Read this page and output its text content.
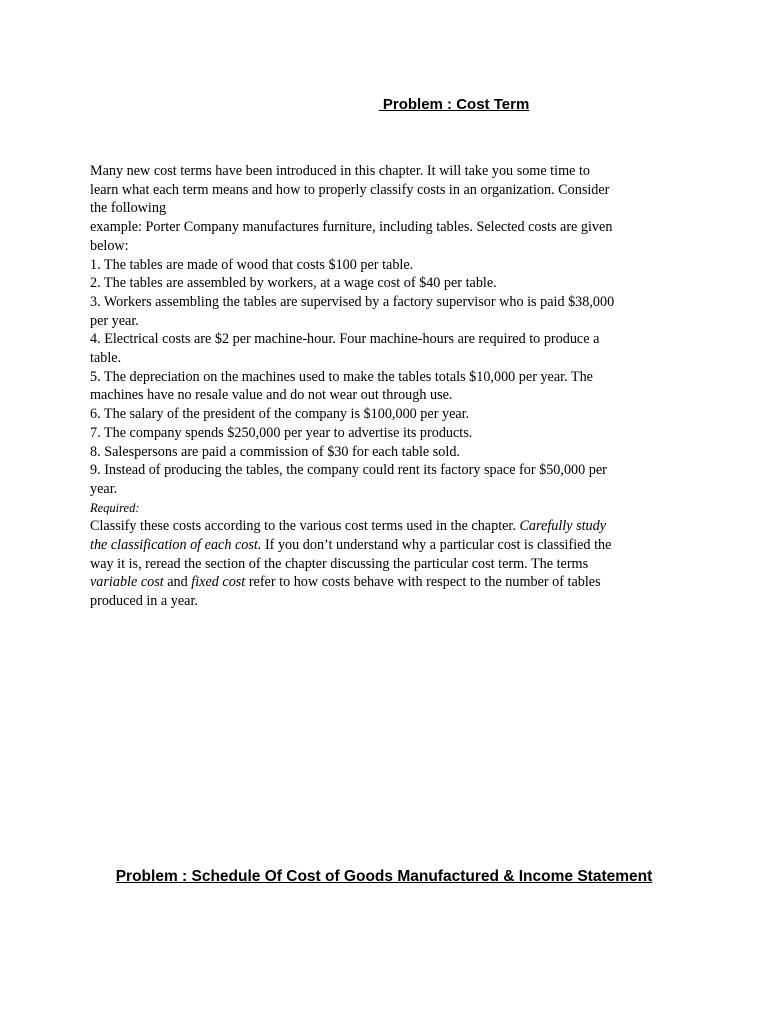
Problem : Cost Term
Many new cost terms have been introduced in this chapter. It will take you some time to
learn what each term means and how to properly classify costs in an organization. Consider
the following
example: Porter Company manufactures furniture, including tables. Selected costs are given
below:
1. The tables are made of wood that costs $100 per table.
2. The tables are assembled by workers, at a wage cost of $40 per table.
3. Workers assembling the tables are supervised by a factory supervisor who is paid $38,000
per year.
4. Electrical costs are $2 per machine-hour. Four machine-hours are required to produce a
table.
5. The depreciation on the machines used to make the tables totals $10,000 per year. The
machines have no resale value and do not wear out through use.
6. The salary of the president of the company is $100,000 per year.
7. The company spends $250,000 per year to advertise its products.
8. Salespersons are paid a commission of $30 for each table sold.
9. Instead of producing the tables, the company could rent its factory space for $50,000 per
year.
Required:
Classify these costs according to the various cost terms used in the chapter. Carefully study
the classification of each cost. If you don’t understand why a particular cost is classified the
way it is, reread the section of the chapter discussing the particular cost term. The terms
variable cost and fixed cost refer to how costs behave with respect to the number of tables
produced in a year.
Problem : Schedule Of Cost of Goods Manufactured & Income Statement
